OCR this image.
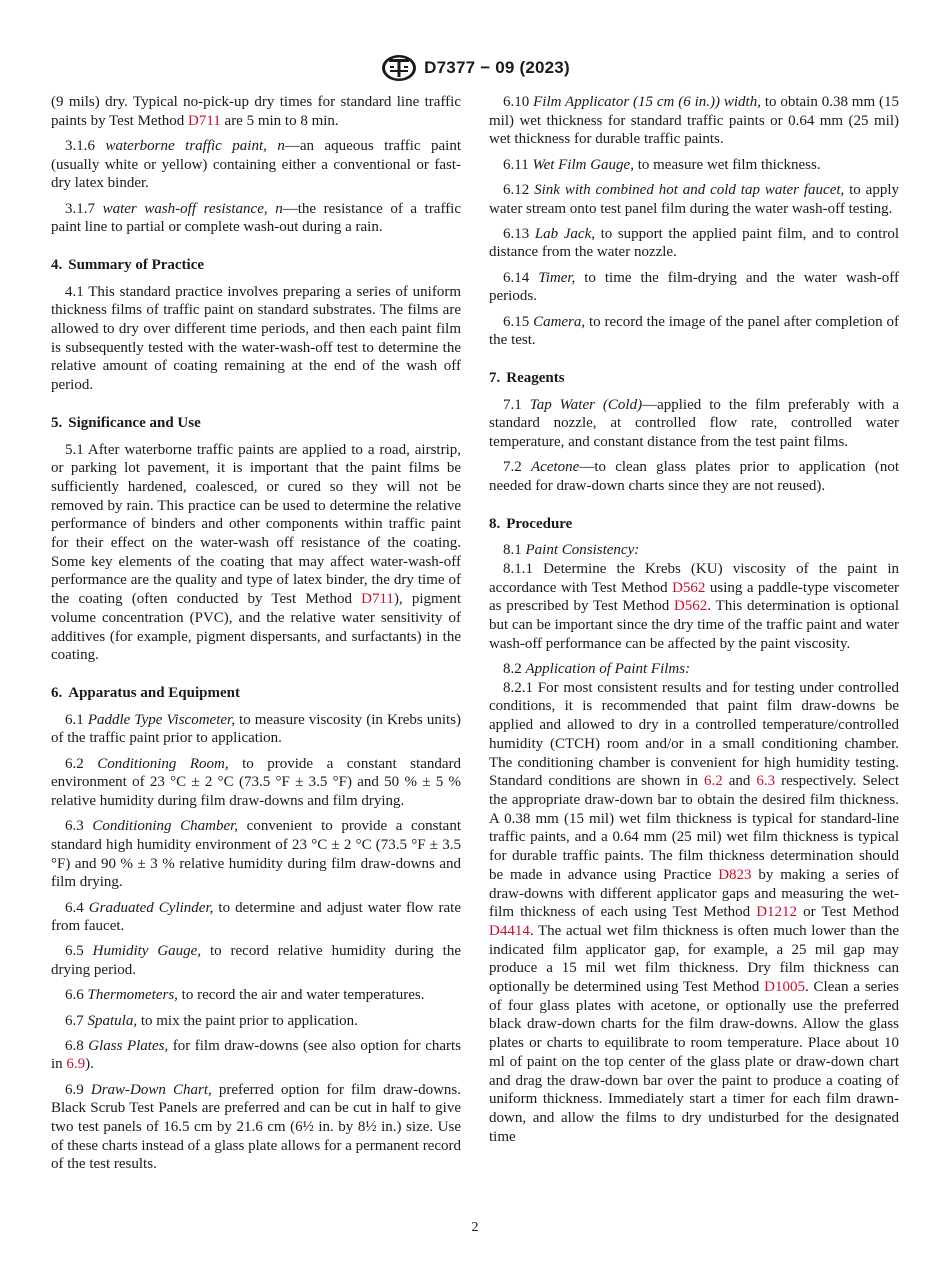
D7377 − 09 (2023)

(9 mils) dry. Typical no-pick-up dry times for standard line traffic paints by Test Method D711 are 5 min to 8 min.

3.1.6 waterborne traffic paint, n—an aqueous traffic paint (usually white or yellow) containing either a conventional or fast-dry latex binder.

3.1.7 water wash-off resistance, n—the resistance of a traffic paint line to partial or complete wash-out during a rain.

4. Summary of Practice

4.1 This standard practice involves preparing a series of uniform thickness films of traffic paint on standard substrates. The films are allowed to dry over different time periods, and then each paint film is subsequently tested with the water-wash-off test to determine the relative amount of coating remaining at the end of the wash off period.

5. Significance and Use

5.1 After waterborne traffic paints are applied to a road, airstrip, or parking lot pavement, it is important that the paint films be sufficiently hardened, coalesced, or cured so they will not be removed by rain. This practice can be used to determine the relative performance of binders and other components within traffic paint for their effect on the water-wash off resistance of the coating. Some key elements of the coating that may affect water-wash-off performance are the quality and type of latex binder, the dry time of the coating (often conducted by Test Method D711), pigment volume concentration (PVC), and the relative water sensitivity of additives (for example, pigment dispersants, and surfactants) in the coating.

6. Apparatus and Equipment

6.1 Paddle Type Viscometer, to measure viscosity (in Krebs units) of the traffic paint prior to application.

6.2 Conditioning Room, to provide a constant standard environment of 23 °C ± 2 °C (73.5 °F ± 3.5 °F) and 50 % ± 5 % relative humidity during film draw-downs and film drying.

6.3 Conditioning Chamber, convenient to provide a constant standard high humidity environment of 23 °C ± 2 °C (73.5 °F ± 3.5 °F) and 90 % ± 3 % relative humidity during film draw-downs and film drying.

6.4 Graduated Cylinder, to determine and adjust water flow rate from faucet.

6.5 Humidity Gauge, to record relative humidity during the drying period.

6.6 Thermometers, to record the air and water temperatures.

6.7 Spatula, to mix the paint prior to application.

6.8 Glass Plates, for film draw-downs (see also option for charts in 6.9).

6.9 Draw-Down Chart, preferred option for film draw-downs. Black Scrub Test Panels are preferred and can be cut in half to give two test panels of 16.5 cm by 21.6 cm (6½ in. by 8½ in.) size. Use of these charts instead of a glass plate allows for a permanent record of the test results.

6.10 Film Applicator (15 cm (6 in.)) width, to obtain 0.38 mm (15 mil) wet thickness for standard traffic paints or 0.64 mm (25 mil) wet thickness for durable traffic paints.

6.11 Wet Film Gauge, to measure wet film thickness.

6.12 Sink with combined hot and cold tap water faucet, to apply water stream onto test panel film during the water wash-off testing.

6.13 Lab Jack, to support the applied paint film, and to control distance from the water nozzle.

6.14 Timer, to time the film-drying and the water wash-off periods.

6.15 Camera, to record the image of the panel after completion of the test.

7. Reagents

7.1 Tap Water (Cold)—applied to the film preferably with a standard nozzle, at controlled flow rate, controlled water temperature, and constant distance from the test paint films.

7.2 Acetone—to clean glass plates prior to application (not needed for draw-down charts since they are not reused).

8. Procedure

8.1 Paint Consistency:

8.1.1 Determine the Krebs (KU) viscosity of the paint in accordance with Test Method D562 using a paddle-type viscometer as prescribed by Test Method D562. This determination is optional but can be important since the dry time of the traffic paint and water wash-off performance can be affected by the paint viscosity.

8.2 Application of Paint Films:

8.2.1 For most consistent results and for testing under controlled conditions, it is recommended that paint film draw-downs be applied and allowed to dry in a controlled temperature/controlled humidity (CTCH) room and/or in a small conditioning chamber. The conditioning chamber is convenient for high humidity testing. Standard conditions are shown in 6.2 and 6.3 respectively. Select the appropriate draw-down bar to obtain the desired film thickness. A 0.38 mm (15 mil) wet film thickness is typical for standard-line traffic paints, and a 0.64 mm (25 mil) wet film thickness is typical for durable traffic paints. The film thickness determination should be made in advance using Practice D823 by making a series of draw-downs with different applicator gaps and measuring the wet-film thickness of each using Test Method D1212 or Test Method D4414. The actual wet film thickness is often much lower than the indicated film applicator gap, for example, a 25 mil gap may produce a 15 mil wet film thickness. Dry film thickness can optionally be determined using Test Method D1005. Clean a series of four glass plates with acetone, or optionally use the preferred black draw-down charts for the film draw-downs. Allow the glass plates or charts to equilibrate to room temperature. Place about 10 ml of paint on the top center of the glass plate or draw-down chart and drag the draw-down bar over the paint to produce a coating of uniform thickness. Immediately start a timer for each film drawn-down, and allow the films to dry undisturbed for the designated time

2
